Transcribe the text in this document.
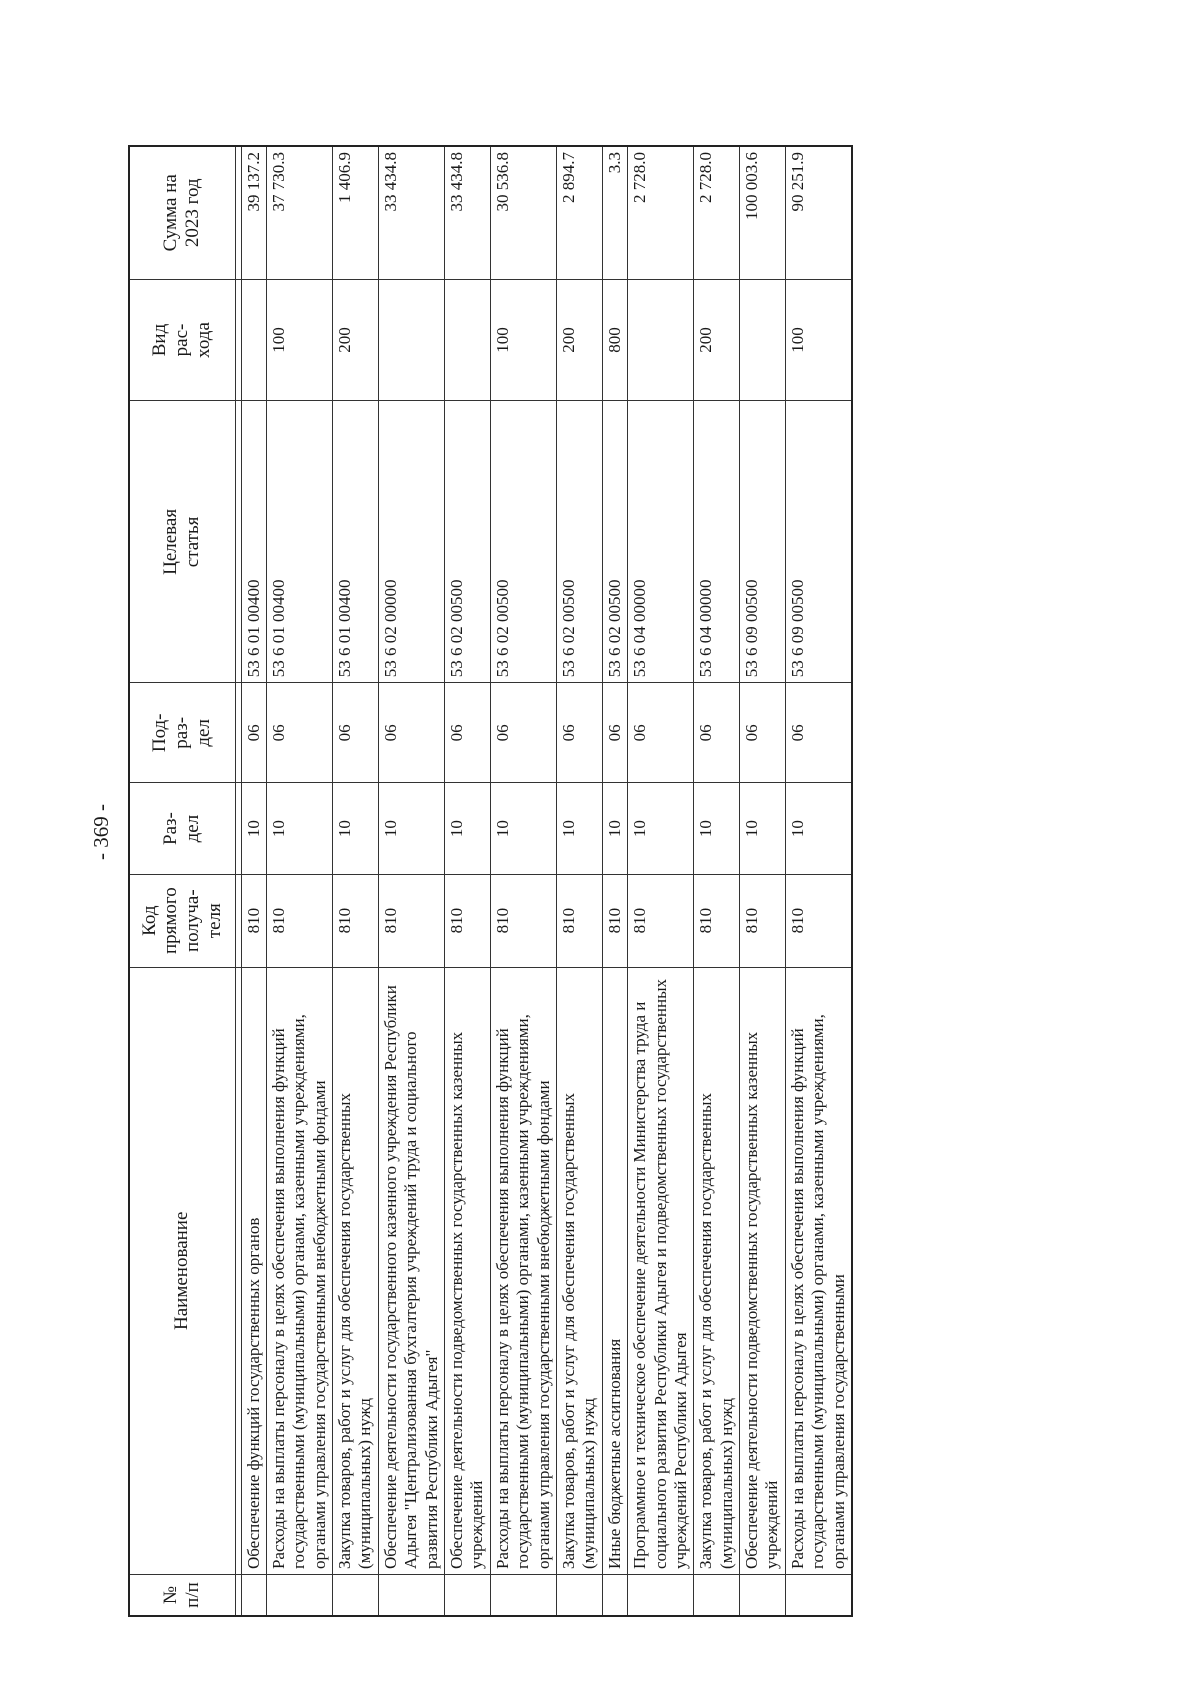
- 369 -
№
п/п	Наименование	Код
прямого
получа-
теля	Раз-
дел	Под-
раз-
дел	Целевая
статья	Вид
рас-
хода	Сумма на
2023 год

	Обеспечение функций государственных органов	810	10	06	53 6 01 00400		39 137.2
	Расходы на выплаты персоналу в целях обеспечения выполнения функций государственными (муниципальными) органами, казенными учреждениями, органами управления государственными внебюджетными фондами	810	10	06	53 6 01 00400	100	37 730.3
	Закупка товаров, работ и услуг для обеспечения государственных (муниципальных) нужд	810	10	06	53 6 01 00400	200	1 406.9
	Обеспечение деятельности государственного казенного учреждения Республики Адыгея "Централизованная бухгалтерия учреждений труда и социального развития Республики Адыгея"	810	10	06	53 6 02 00000		33 434.8
	Обеспечение деятельности подведомственных государственных казенных учреждений	810	10	06	53 6 02 00500		33 434.8
	Расходы на выплаты персоналу в целях обеспечения выполнения функций государственными (муниципальными) органами, казенными учреждениями, органами управления государственными внебюджетными фондами	810	10	06	53 6 02 00500	100	30 536.8
	Закупка товаров, работ и услуг для обеспечения государственных (муниципальных) нужд	810	10	06	53 6 02 00500	200	2 894.7
	Иные бюджетные ассигнования	810	10	06	53 6 02 00500	800	3.3
	Программное и техническое обеспечение деятельности Министерства труда и социального развития Республики Адыгея и подведомственных государственных учреждений Республики Адыгея	810	10	06	53 6 04 00000		2 728.0
	Закупка товаров, работ и услуг для обеспечения государственных (муниципальных) нужд	810	10	06	53 6 04 00000	200	2 728.0
	Обеспечение деятельности подведомственных государственных казенных учреждений	810	10	06	53 6 09 00500		100 003.6
	Расходы на выплаты персоналу в целях обеспечения выполнения функций государственными (муниципальными) органами, казенными учреждениями, органами управления государственными	810	10	06	53 6 09 00500	100	90 251.9
